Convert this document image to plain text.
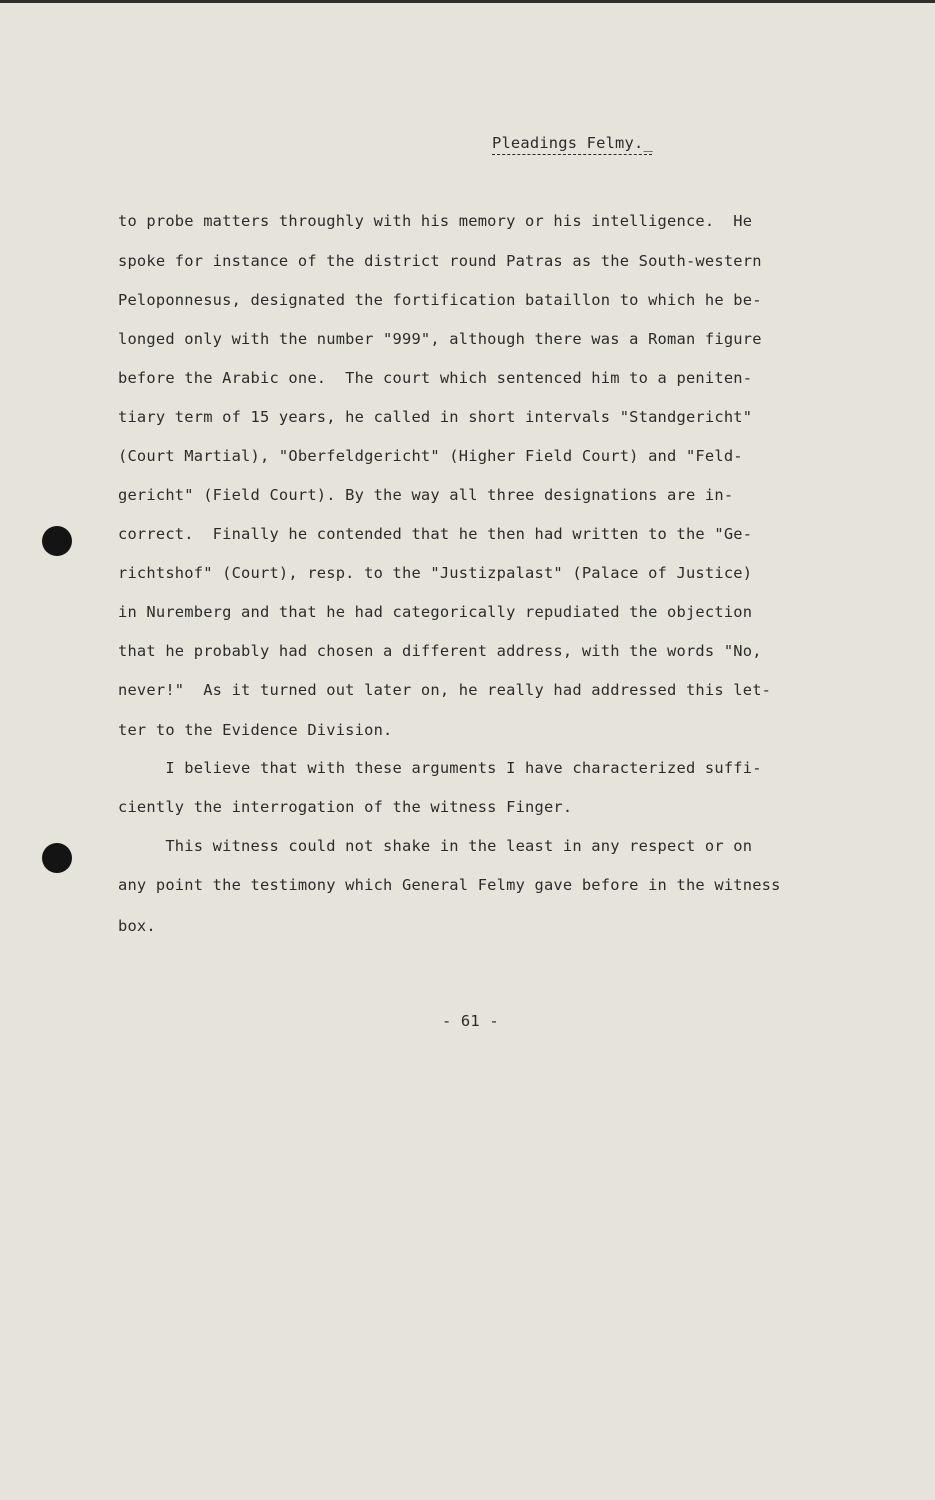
Pleadings Felmy._
to probe matters throughly with his memory or his intelligence.  He
spoke for instance of the district round Patras as the South-western
Peloponnesus, designated the fortification bataillon to which he be-
longed only with the number "999", although there was a Roman figure
before the Arabic one.  The court which sentenced him to a peniten-
tiary term of 15 years, he called in short intervals "Standgericht"
(Court Martial), "Oberfeldgericht" (Higher Field Court) and "Feld-
gericht" (Field Court). By the way all three designations are in-
correct.  Finally he contended that he then had written to the "Ge-
richtshof" (Court), resp. to the "Justizpalast" (Palace of Justice)
in Nuremberg and that he had categorically repudiated the objection
that he probably had chosen a different address, with the words "No,
never!"  As it turned out later on, he really had addressed this let-
ter to the Evidence Division.
I believe that with these arguments I have characterized suffi-
ciently the interrogation of the witness Finger.
This witness could not shake in the least in any respect or on
any point the testimony which General Felmy gave before in the witness
box.
- 61 -
